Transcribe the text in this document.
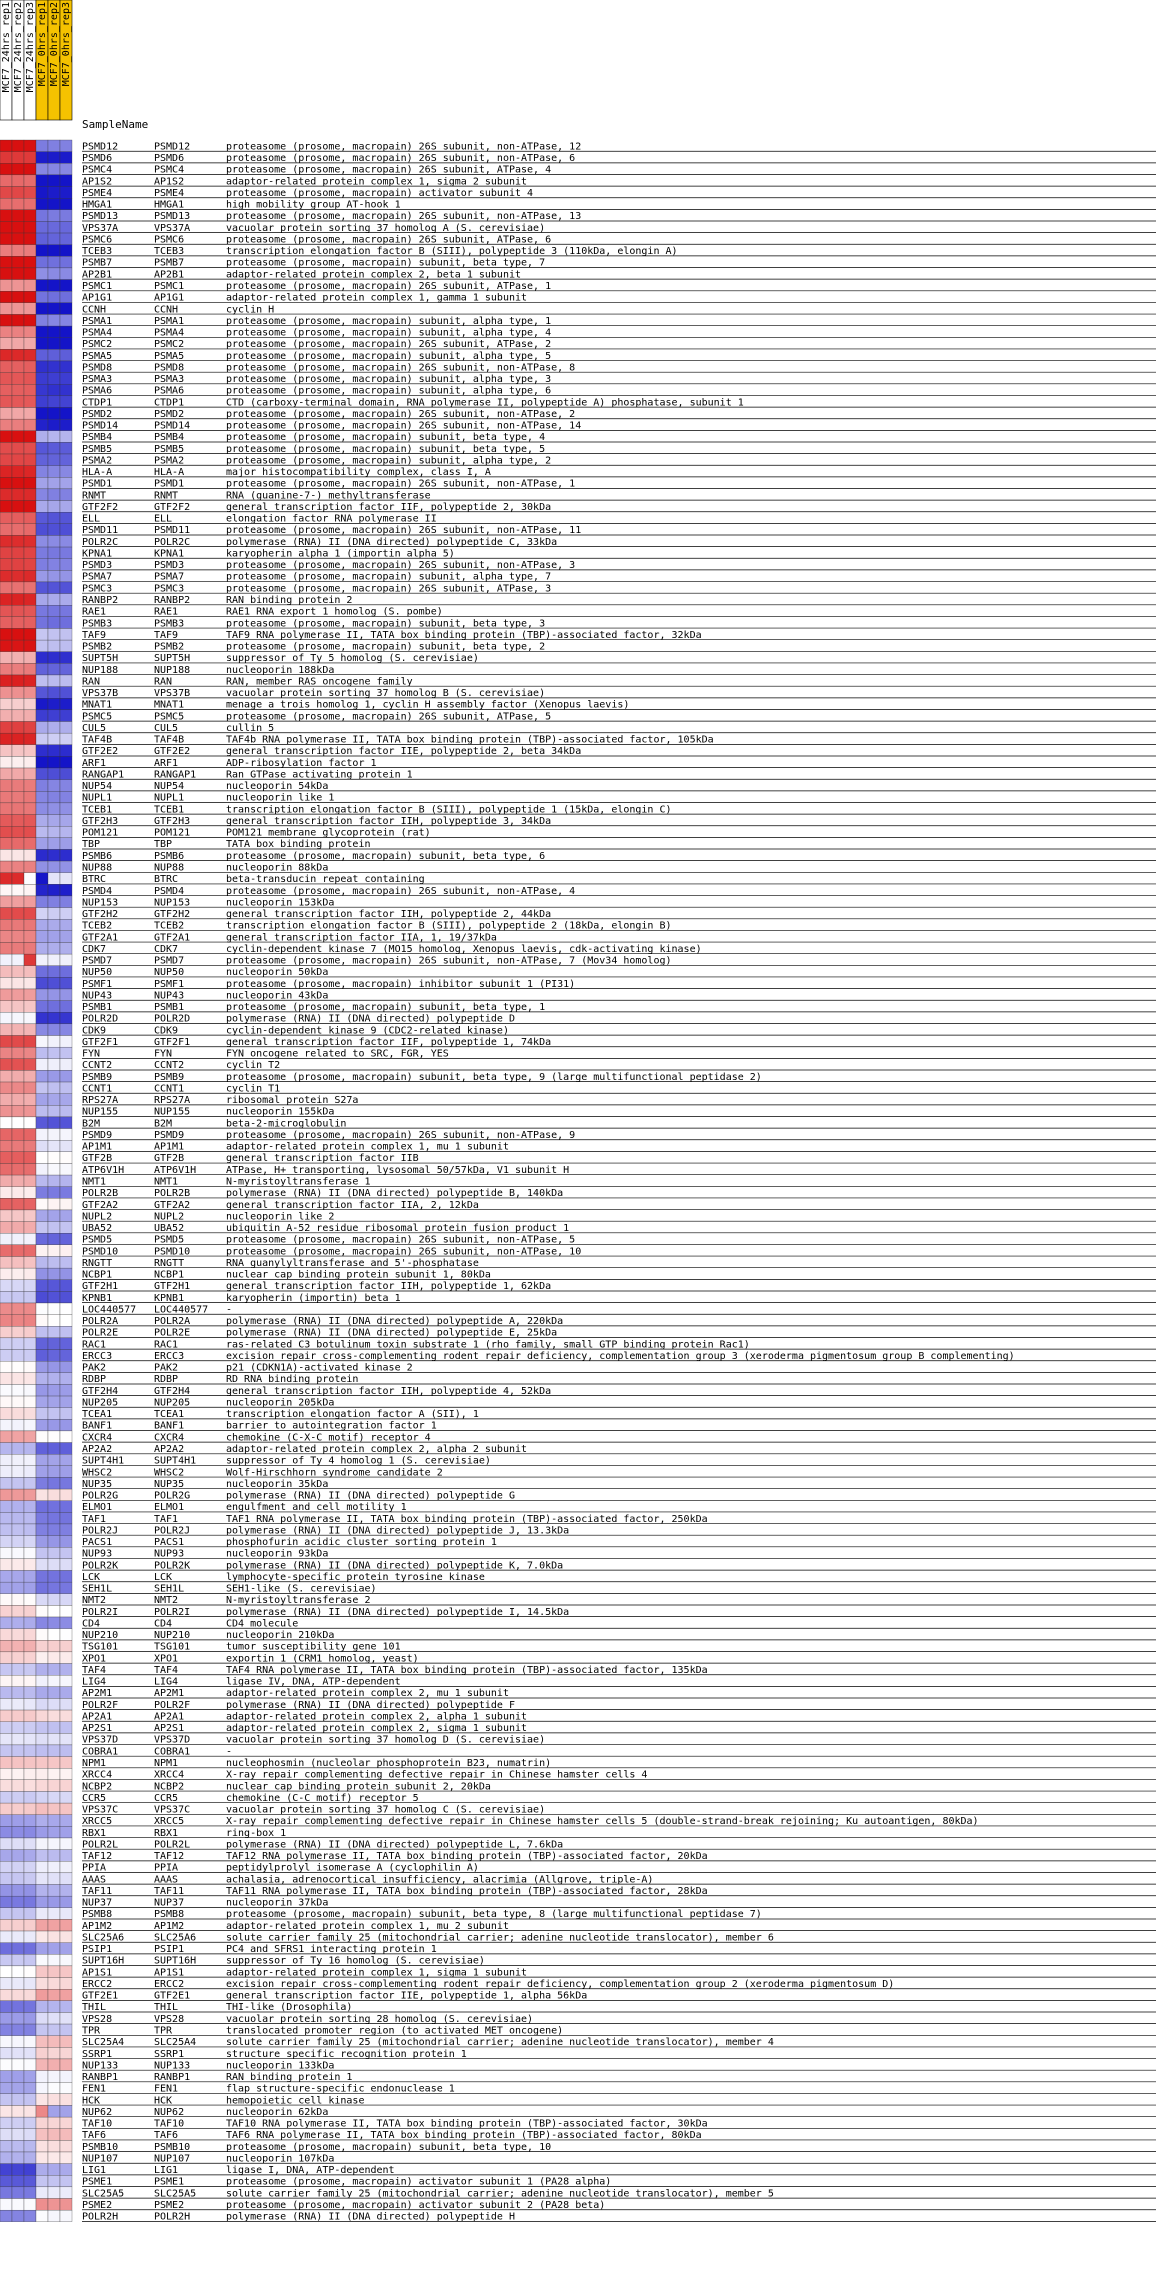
MCF7_24hrs_rep1 MCF7_24hrs_rep2 MCF7_24hrs_rep3 MCF7_0hrs_rep1 MCF7_0hrs_rep2 MCF7_0hrs_rep3
SampleName
PSMD12	PSMD12	proteasome (prosome, macropain) 26S subunit, non-ATPase, 12
PSMD6	PSMD6	proteasome (prosome, macropain) 26S subunit, non-ATPase, 6
PSMC4	PSMC4	proteasome (prosome, macropain) 26S subunit, ATPase, 4
AP1S2	AP1S2	adaptor-related protein complex 1, sigma 2 subunit
PSME4	PSME4	proteasome (prosome, macropain) activator subunit 4
HMGA1	HMGA1	high mobility group AT-hook 1
PSMD13	PSMD13	proteasome (prosome, macropain) 26S subunit, non-ATPase, 13
VPS37A	VPS37A	vacuolar protein sorting 37 homolog A (S. cerevisiae)
PSMC6	PSMC6	proteasome (prosome, macropain) 26S subunit, ATPase, 6
TCEB3	TCEB3	transcription elongation factor B (SIII), polypeptide 3 (110kDa, elongin A)
PSMB7	PSMB7	proteasome (prosome, macropain) subunit, beta type, 7
AP2B1	AP2B1	adaptor-related protein complex 2, beta 1 subunit
PSMC1	PSMC1	proteasome (prosome, macropain) 26S subunit, ATPase, 1
AP1G1	AP1G1	adaptor-related protein complex 1, gamma 1 subunit
CCNH	CCNH	cyclin H
PSMA1	PSMA1	proteasome (prosome, macropain) subunit, alpha type, 1
PSMA4	PSMA4	proteasome (prosome, macropain) subunit, alpha type, 4
PSMC2	PSMC2	proteasome (prosome, macropain) 26S subunit, ATPase, 2
PSMA5	PSMA5	proteasome (prosome, macropain) subunit, alpha type, 5
PSMD8	PSMD8	proteasome (prosome, macropain) 26S subunit, non-ATPase, 8
PSMA3	PSMA3	proteasome (prosome, macropain) subunit, alpha type, 3
PSMA6	PSMA6	proteasome (prosome, macropain) subunit, alpha type, 6
CTDP1	CTDP1	CTD (carboxy-terminal domain, RNA polymerase II, polypeptide A) phosphatase, subunit 1
PSMD2	PSMD2	proteasome (prosome, macropain) 26S subunit, non-ATPase, 2
PSMD14	PSMD14	proteasome (prosome, macropain) 26S subunit, non-ATPase, 14
PSMB4	PSMB4	proteasome (prosome, macropain) subunit, beta type, 4
PSMB5	PSMB5	proteasome (prosome, macropain) subunit, beta type, 5
PSMA2	PSMA2	proteasome (prosome, macropain) subunit, alpha type, 2
HLA-A	HLA-A	major histocompatibility complex, class I, A
PSMD1	PSMD1	proteasome (prosome, macropain) 26S subunit, non-ATPase, 1
RNMT	RNMT	RNA (guanine-7-) methyltransferase
GTF2F2	GTF2F2	general transcription factor IIF, polypeptide 2, 30kDa
ELL	ELL	elongation factor RNA polymerase II
PSMD11	PSMD11	proteasome (prosome, macropain) 26S subunit, non-ATPase, 11
POLR2C	POLR2C	polymerase (RNA) II (DNA directed) polypeptide C, 33kDa
KPNA1	KPNA1	karyopherin alpha 1 (importin alpha 5)
PSMD3	PSMD3	proteasome (prosome, macropain) 26S subunit, non-ATPase, 3
PSMA7	PSMA7	proteasome (prosome, macropain) subunit, alpha type, 7
PSMC3	PSMC3	proteasome (prosome, macropain) 26S subunit, ATPase, 3
RANBP2	RANBP2	RAN binding protein 2
RAE1	RAE1	RAE1 RNA export 1 homolog (S. pombe)
PSMB3	PSMB3	proteasome (prosome, macropain) subunit, beta type, 3
TAF9	TAF9	TAF9 RNA polymerase II, TATA box binding protein (TBP)-associated factor, 32kDa
PSMB2	PSMB2	proteasome (prosome, macropain) subunit, beta type, 2
SUPT5H	SUPT5H	suppressor of Ty 5 homolog (S. cerevisiae)
NUP188	NUP188	nucleoporin 188kDa
RAN	RAN	RAN, member RAS oncogene family
VPS37B	VPS37B	vacuolar protein sorting 37 homolog B (S. cerevisiae)
MNAT1	MNAT1	menage a trois homolog 1, cyclin H assembly factor (Xenopus laevis)
PSMC5	PSMC5	proteasome (prosome, macropain) 26S subunit, ATPase, 5
CUL5	CUL5	cullin 5
TAF4B	TAF4B	TAF4b RNA polymerase II, TATA box binding protein (TBP)-associated factor, 105kDa
GTF2E2	GTF2E2	general transcription factor IIE, polypeptide 2, beta 34kDa
ARF1	ARF1	ADP-ribosylation factor 1
RANGAP1	RANGAP1	Ran GTPase activating protein 1
NUP54	NUP54	nucleoporin 54kDa
NUPL1	NUPL1	nucleoporin like 1
TCEB1	TCEB1	transcription elongation factor B (SIII), polypeptide 1 (15kDa, elongin C)
GTF2H3	GTF2H3	general transcription factor IIH, polypeptide 3, 34kDa
POM121	POM121	POM121 membrane glycoprotein (rat)
TBP	TBP	TATA box binding protein
PSMB6	PSMB6	proteasome (prosome, macropain) subunit, beta type, 6
NUP88	NUP88	nucleoporin 88kDa
BTRC	BTRC	beta-transducin repeat containing
PSMD4	PSMD4	proteasome (prosome, macropain) 26S subunit, non-ATPase, 4
NUP153	NUP153	nucleoporin 153kDa
GTF2H2	GTF2H2	general transcription factor IIH, polypeptide 2, 44kDa
TCEB2	TCEB2	transcription elongation factor B (SIII), polypeptide 2 (18kDa, elongin B)
GTF2A1	GTF2A1	general transcription factor IIA, 1, 19/37kDa
CDK7	CDK7	cyclin-dependent kinase 7 (MO15 homolog, Xenopus laevis, cdk-activating kinase)
PSMD7	PSMD7	proteasome (prosome, macropain) 26S subunit, non-ATPase, 7 (Mov34 homolog)
NUP50	NUP50	nucleoporin 50kDa
PSMF1	PSMF1	proteasome (prosome, macropain) inhibitor subunit 1 (PI31)
NUP43	NUP43	nucleoporin 43kDa
PSMB1	PSMB1	proteasome (prosome, macropain) subunit, beta type, 1
POLR2D	POLR2D	polymerase (RNA) II (DNA directed) polypeptide D
CDK9	CDK9	cyclin-dependent kinase 9 (CDC2-related kinase)
GTF2F1	GTF2F1	general transcription factor IIF, polypeptide 1, 74kDa
FYN	FYN	FYN oncogene related to SRC, FGR, YES
CCNT2	CCNT2	cyclin T2
PSMB9	PSMB9	proteasome (prosome, macropain) subunit, beta type, 9 (large multifunctional peptidase 2)
CCNT1	CCNT1	cyclin T1
RPS27A	RPS27A	ribosomal protein S27a
NUP155	NUP155	nucleoporin 155kDa
B2M	B2M	beta-2-microglobulin
PSMD9	PSMD9	proteasome (prosome, macropain) 26S subunit, non-ATPase, 9
AP1M1	AP1M1	adaptor-related protein complex 1, mu 1 subunit
GTF2B	GTF2B	general transcription factor IIB
ATP6V1H	ATP6V1H	ATPase, H+ transporting, lysosomal 50/57kDa, V1 subunit H
NMT1	NMT1	N-myristoyltransferase 1
POLR2B	POLR2B	polymerase (RNA) II (DNA directed) polypeptide B, 140kDa
GTF2A2	GTF2A2	general transcription factor IIA, 2, 12kDa
NUPL2	NUPL2	nucleoporin like 2
UBA52	UBA52	ubiquitin A-52 residue ribosomal protein fusion product 1
PSMD5	PSMD5	proteasome (prosome, macropain) 26S subunit, non-ATPase, 5
PSMD10	PSMD10	proteasome (prosome, macropain) 26S subunit, non-ATPase, 10
RNGTT	RNGTT	RNA guanylyltransferase and 5'-phosphatase
NCBP1	NCBP1	nuclear cap binding protein subunit 1, 80kDa
GTF2H1	GTF2H1	general transcription factor IIH, polypeptide 1, 62kDa
KPNB1	KPNB1	karyopherin (importin) beta 1
LOC440577 LOC440577 -
POLR2A	POLR2A	polymerase (RNA) II (DNA directed) polypeptide A, 220kDa
POLR2E	POLR2E	polymerase (RNA) II (DNA directed) polypeptide E, 25kDa
RAC1	RAC1	ras-related C3 botulinum toxin substrate 1 (rho family, small GTP binding protein Rac1)
ERCC3	ERCC3	excision repair cross-complementing rodent repair deficiency, complementation group 3 (xeroderma pigmentosum group B complementing)
PAK2	PAK2	p21 (CDKN1A)-activated kinase 2
RDBP	RDBP	RD RNA binding protein
GTF2H4	GTF2H4	general transcription factor IIH, polypeptide 4, 52kDa
NUP205	NUP205	nucleoporin 205kDa
TCEA1	TCEA1	transcription elongation factor A (SII), 1
BANF1	BANF1	barrier to autointegration factor 1
CXCR4	CXCR4	chemokine (C-X-C motif) receptor 4
AP2A2	AP2A2	adaptor-related protein complex 2, alpha 2 subunit
SUPT4H1	SUPT4H1	suppressor of Ty 4 homolog 1 (S. cerevisiae)
WHSC2	WHSC2	Wolf-Hirschhorn syndrome candidate 2
NUP35	NUP35	nucleoporin 35kDa
POLR2G	POLR2G	polymerase (RNA) II (DNA directed) polypeptide G
ELMO1	ELMO1	engulfment and cell motility 1
TAF1	TAF1	TAF1 RNA polymerase II, TATA box binding protein (TBP)-associated factor, 250kDa
POLR2J	POLR2J	polymerase (RNA) II (DNA directed) polypeptide J, 13.3kDa
PACS1	PACS1	phosphofurin acidic cluster sorting protein 1
NUP93	NUP93	nucleoporin 93kDa
POLR2K	POLR2K	polymerase (RNA) II (DNA directed) polypeptide K, 7.0kDa
LCK	LCK	lymphocyte-specific protein tyrosine kinase
SEH1L	SEH1L	SEH1-like (S. cerevisiae)
NMT2	NMT2	N-myristoyltransferase 2
POLR2I	POLR2I	polymerase (RNA) II (DNA directed) polypeptide I, 14.5kDa
CD4	CD4	CD4 molecule
NUP210	NUP210	nucleoporin 210kDa
TSG101	TSG101	tumor susceptibility gene 101
XPO1	XPO1	exportin 1 (CRM1 homolog, yeast)
TAF4	TAF4	TAF4 RNA polymerase II, TATA box binding protein (TBP)-associated factor, 135kDa
LIG4	LIG4	ligase IV, DNA, ATP-dependent
AP2M1	AP2M1	adaptor-related protein complex 2, mu 1 subunit
POLR2F	POLR2F	polymerase (RNA) II (DNA directed) polypeptide F
AP2A1	AP2A1	adaptor-related protein complex 2, alpha 1 subunit
AP2S1	AP2S1	adaptor-related protein complex 2, sigma 1 subunit
VPS37D	VPS37D	vacuolar protein sorting 37 homolog D (S. cerevisiae)
COBRA1	COBRA1	-
NPM1	NPM1	nucleophosmin (nucleolar phosphoprotein B23, numatrin)
XRCC4	XRCC4	X-ray repair complementing defective repair in Chinese hamster cells 4
NCBP2	NCBP2	nuclear cap binding protein subunit 2, 20kDa
CCR5	CCR5	chemokine (C-C motif) receptor 5
VPS37C	VPS37C	vacuolar protein sorting 37 homolog C (S. cerevisiae)
XRCC5	XRCC5	X-ray repair complementing defective repair in Chinese hamster cells 5 (double-strand-break rejoining; Ku autoantigen, 80kDa)
RBX1	RBX1	ring-box 1
POLR2L	POLR2L	polymerase (RNA) II (DNA directed) polypeptide L, 7.6kDa
TAF12	TAF12	TAF12 RNA polymerase II, TATA box binding protein (TBP)-associated factor, 20kDa
PPIA	PPIA	peptidylprolyl isomerase A (cyclophilin A)
AAAS	AAAS	achalasia, adrenocortical insufficiency, alacrimia (Allgrove, triple-A)
TAF11	TAF11	TAF11 RNA polymerase II, TATA box binding protein (TBP)-associated factor, 28kDa
NUP37	NUP37	nucleoporin 37kDa
PSMB8	PSMB8	proteasome (prosome, macropain) subunit, beta type, 8 (large multifunctional peptidase 7)
AP1M2	AP1M2	adaptor-related protein complex 1, mu 2 subunit
SLC25A6	SLC25A6	solute carrier family 25 (mitochondrial carrier; adenine nucleotide translocator), member 6
PSIP1	PSIP1	PC4 and SFRS1 interacting protein 1
SUPT16H	SUPT16H	suppressor of Ty 16 homolog (S. cerevisiae)
AP1S1	AP1S1	adaptor-related protein complex 1, sigma 1 subunit
ERCC2	ERCC2	excision repair cross-complementing rodent repair deficiency, complementation group 2 (xeroderma pigmentosum D)
GTF2E1	GTF2E1	general transcription factor IIE, polypeptide 1, alpha 56kDa
THIL	THIL	THI-like (Drosophila)
VPS28	VPS28	vacuolar protein sorting 28 homolog (S. cerevisiae)
TPR	TPR	translocated promoter region (to activated MET oncogene)
SLC25A4	SLC25A4	solute carrier family 25 (mitochondrial carrier; adenine nucleotide translocator), member 4
SSRP1	SSRP1	structure specific recognition protein 1
NUP133	NUP133	nucleoporin 133kDa
RANBP1	RANBP1	RAN binding protein 1
FEN1	FEN1	flap structure-specific endonuclease 1
HCK	HCK	hemopoietic cell kinase
NUP62	NUP62	nucleoporin 62kDa
TAF10	TAF10	TAF10 RNA polymerase II, TATA box binding protein (TBP)-associated factor, 30kDa
TAF6	TAF6	TAF6 RNA polymerase II, TATA box binding protein (TBP)-associated factor, 80kDa
PSMB10	PSMB10	proteasome (prosome, macropain) subunit, beta type, 10
NUP107	NUP107	nucleoporin 107kDa
LIG1	LIG1	ligase I, DNA, ATP-dependent
PSME1	PSME1	proteasome (prosome, macropain) activator subunit 1 (PA28 alpha)
SLC25A5	SLC25A5	solute carrier family 25 (mitochondrial carrier; adenine nucleotide translocator), member 5
PSME2	PSME2	proteasome (prosome, macropain) activator subunit 2 (PA28 beta)
POLR2H	POLR2H	polymerase (RNA) II (DNA directed) polypeptide H
